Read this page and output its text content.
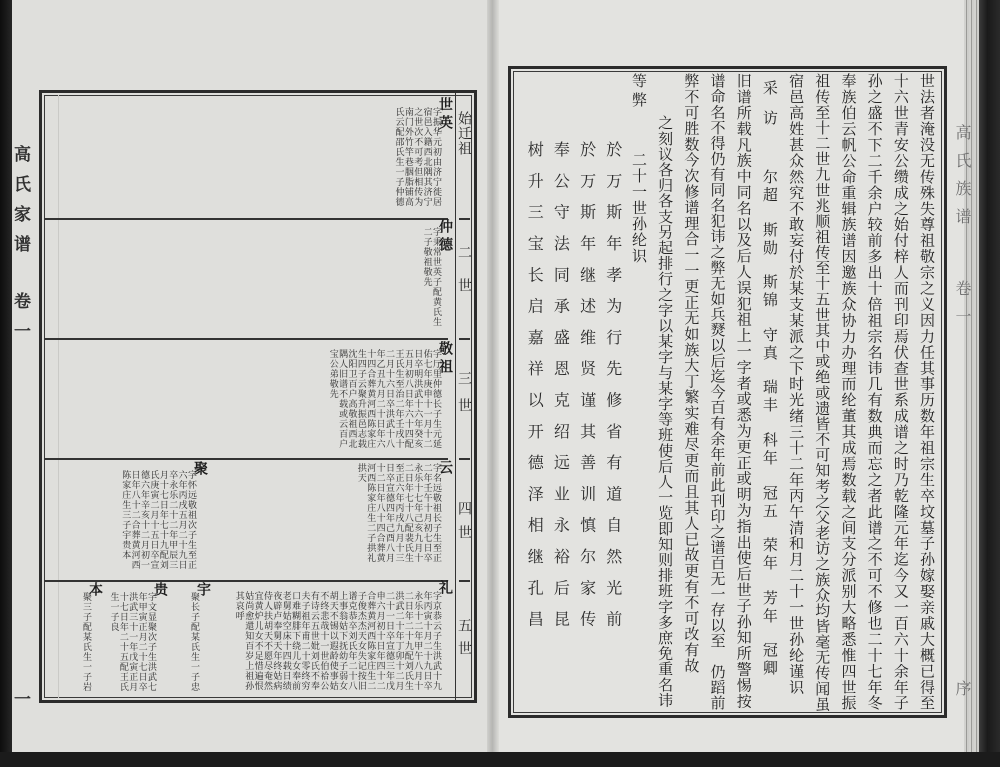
高氏家谱
卷一
一
始迁祖
二世
三世
四世
五世
世英
字振华元初由济宁徙居
宿邑入籍西北隅其济宁
之世次不可考但相传为
南门外竹竿巷胭脂铺高
氏云配邵氏生一子仲德
仲德
字秉常世英子配黄氏生
二子敬祖敬先
敬祖
字厅里仲德长子生元延
佑七年庚申十一月十二
日卒明洪武十六年癸亥
五月初八日年六十四配
王氏生至治二年壬戌十
二月十六日卒洪武十八
年乙丑九月二十日年六
十四合葬黄河西陈家庄
生四子云聚升振邑志载
沈阳卫百户高敬祖西北
隅人旧谱不载或云百户
宝公弟敬先
云
字名远敬祖长子生至正
二年壬午十月初七日卒
永乐十七年己亥九月十
二日年七十八配裴氏生
至正六年丙戌九月十三
日卒宣德四年己酉八月
十二日年八十四合葬黄
河西陈家庄生二子拱礼
拱天
聚
字怀远敬祖次子生至正
六年丙戌五月二十九日
卒永乐二十二年甲辰三
月十七日年七十九配刘
氏庚寅二月十五日卒宣
德六年辛亥十二月初一
日年八十二合葬黄河西
陈家庄生三子宇贵本
礼
字京恭云子生洪武十九
年丙寅十月二十九日卒
永乐十二年甲午八月十
二日年二十九配刘氏生
洪武二十年丁卯十二月
二十一日卒宣德三年戊
申六月初十日年四十二
合葬黄河西陈家庄生二
子俊杰杰天女失记按旧
谱克恭卒刘氏年二十八
上事翁姑下抚幼子弱女
胡天不锡以遐龄使事姑
不终悲哉十一世伯祫公
有诗云五世妣刘氏不奉
夫子祖年甫二十零终穷
口难糊腓下绕儿女奉前
老舅姑空床十四载日绩
夜辟卢奉舅天年终姑病
侍人扶胡天不愿尽奄然
宜黄炉儿女不足惜遍恨
姑尚愈還知百岁上祖孙
其哀呼
宇
聚长子配某氏生一子忠
贵
字文显聚次子生洪武七
年甲寅正月二十七日卒
洪武三十一年戊寅正月
十七日年二十五配王氏
生一子良
本
聚三子配某氏生一子岩
高氏族谱
卷一
序
世法者淹没无传殊失尊祖敬宗之义因力任其事历数年祖宗生卒坟墓子孙嫁娶亲戚大概已得至
十六世青安公缵成之始付梓人而刊印焉伏查世系成谱之时乃乾隆元年迄今又一百六十余年子
孙之盛不下二千余户较前多出十倍祖宗名讳几有数典而忘之者此谱之不可不修也二十七年冬
奉族伯云帆公命重辑族谱因邀族众协力办理而纶董其成焉数载之间支分派别大略悉惟四世振
祖传至十二世九世兆顺祖传至十五世其中或绝或遗皆不可知考之父老访之族众均皆毫无传闻虽
宿邑高姓甚众然究不敢妄付於某支某派之下时光绪三十二年丙午清和月二十一世孙纶谨识
采访
尔超
斯勋
斯锦
守真
瑞丰
科年
冠五
荣年
芳年
冠卿
旧谱所载凡族中同名以及后人误犯祖上一字者或悉为更正或明为指出使后世子孙知所警惕按
谱命名不得仍有同名犯讳之弊无如兵燹以后迄今百有余年前此刊印之谱百无一存以至　仍蹈前
弊不可胜数今次修谱理合一一更正无如族大丁繁实难尽更而且其人已故更有不可改有故
之刻议各归各支另起排行之字以某字与某字等班使后人一览即知则排班字多庶免重名讳
等弊
二十一世孙纶识
於万斯年孝为行先修省有道自然光前
於万斯年继述维贤谨其善训慎尔家传
奉公守法同承盛恩克绍远业永裕后昆
树升三宝长启嘉祥以开德泽相继孔昌
